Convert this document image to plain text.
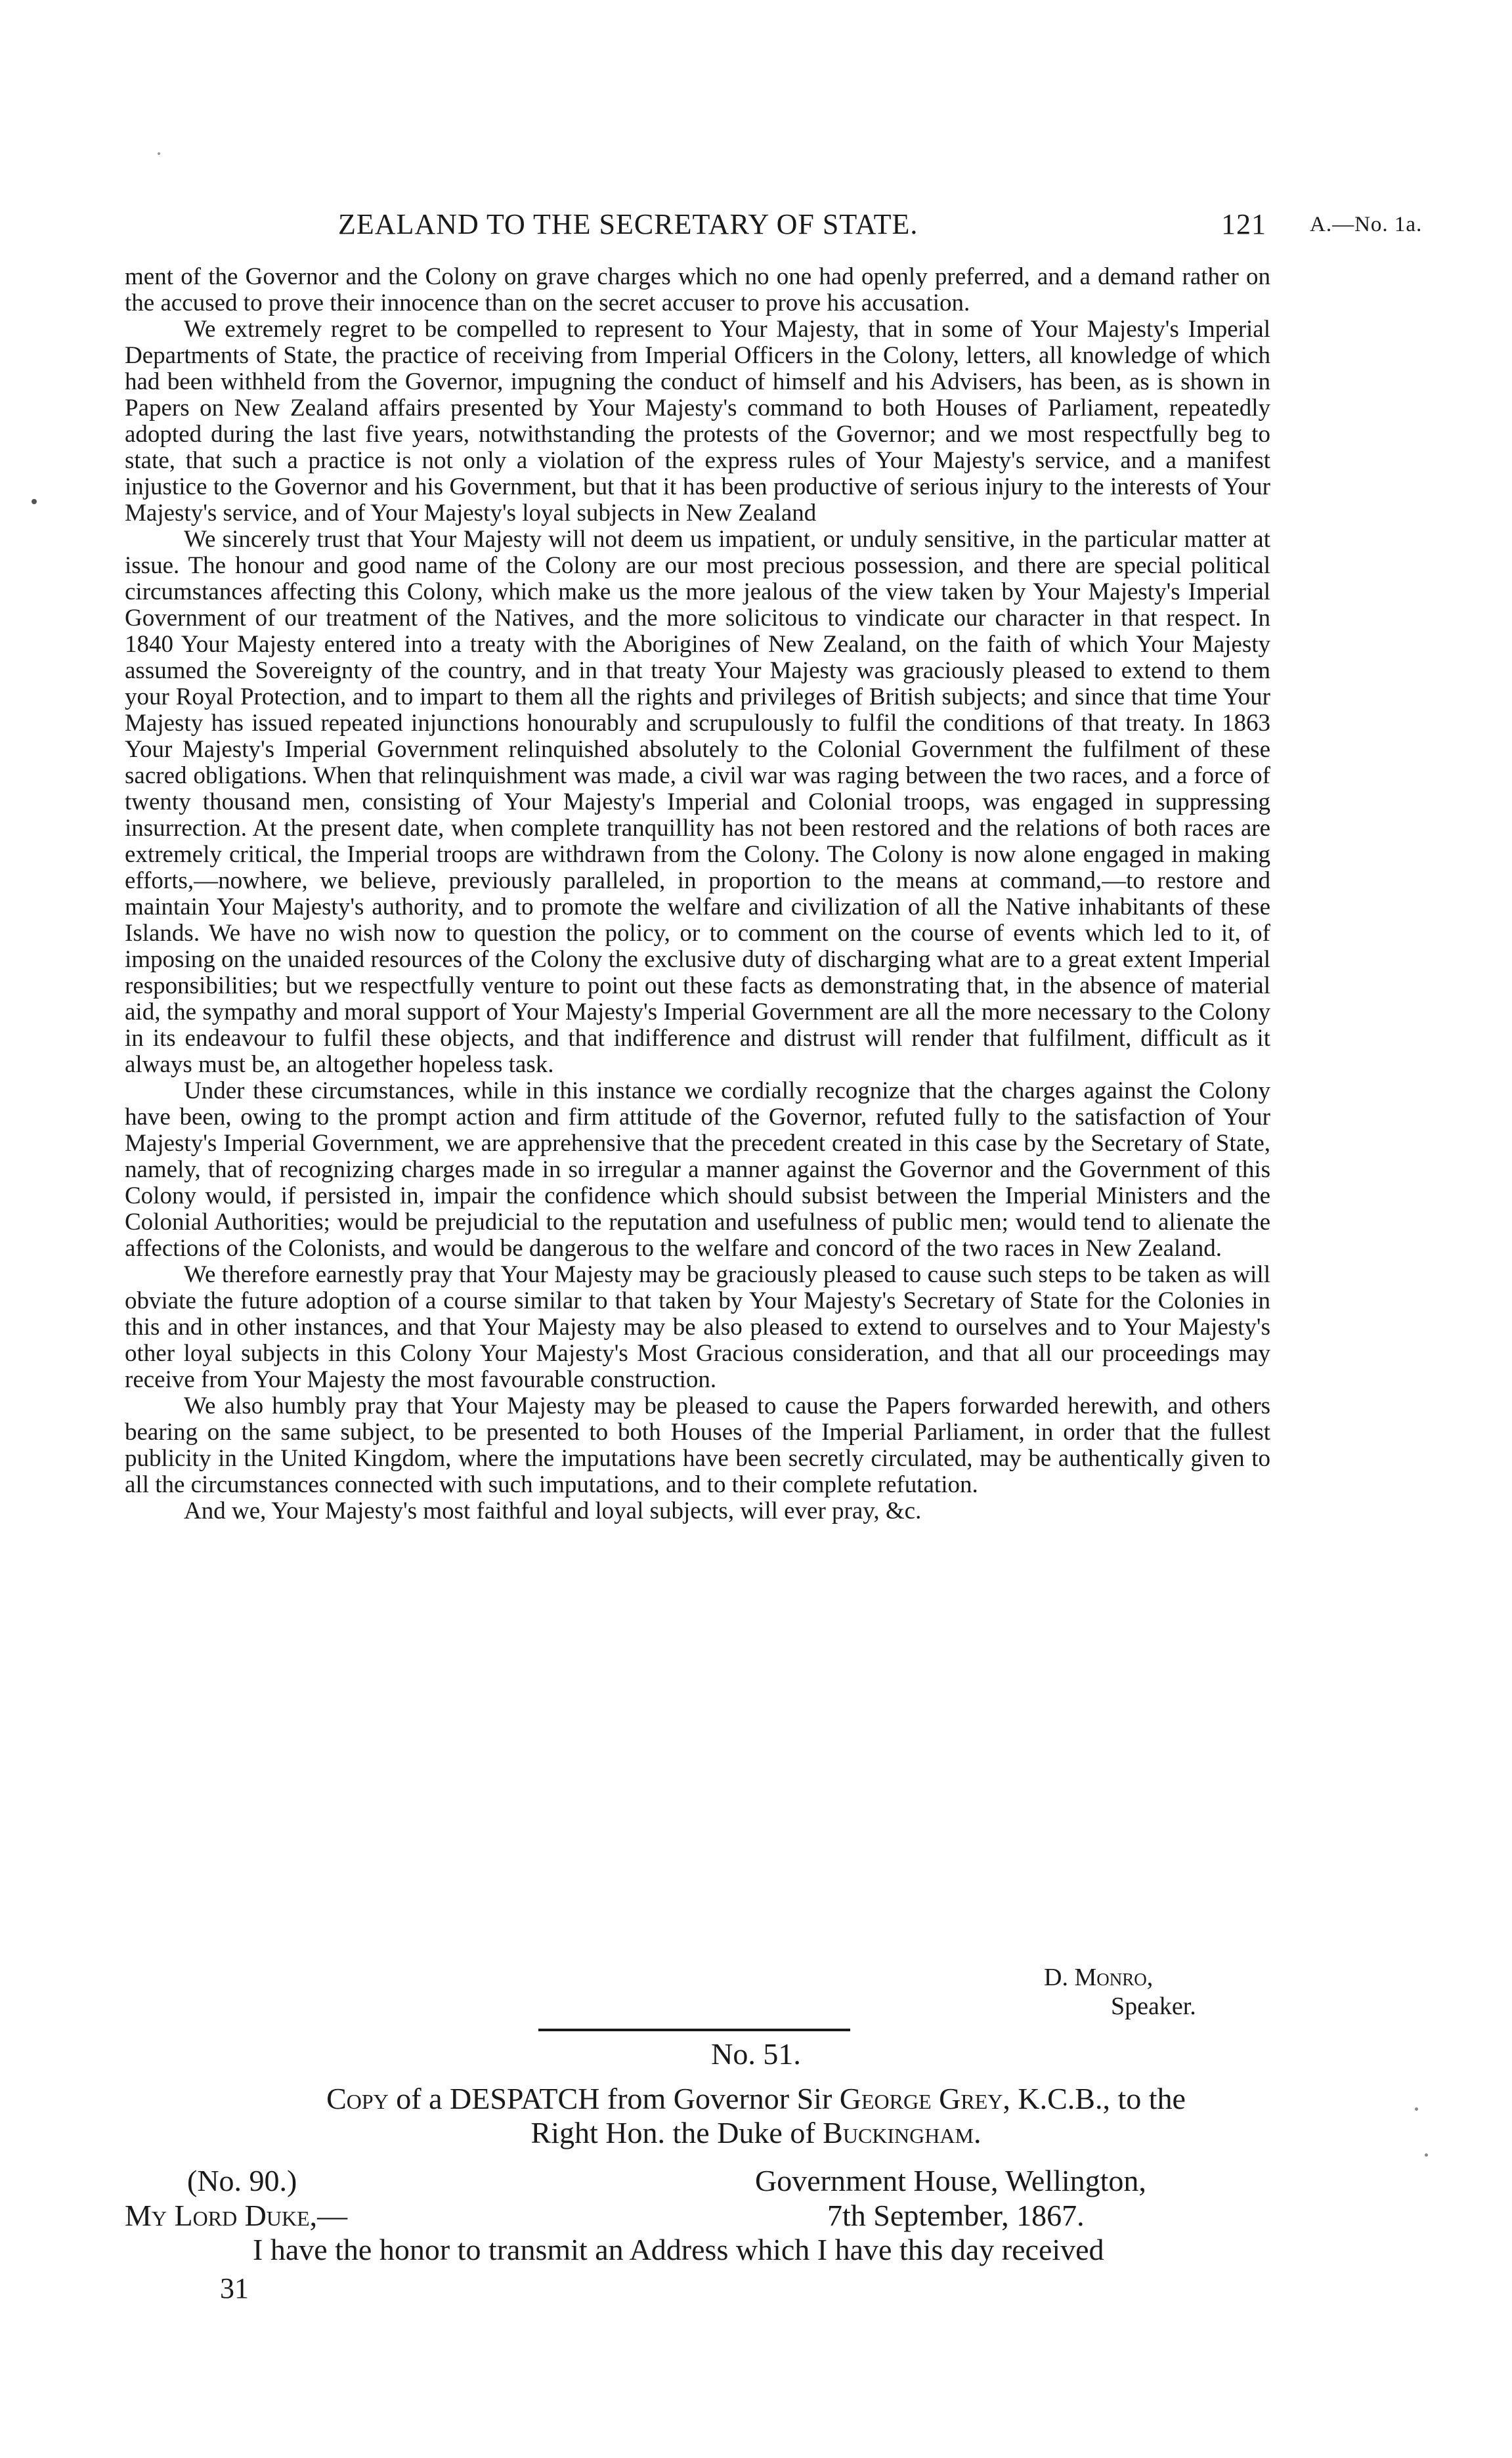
ZEALAND TO THE SECRETARY OF STATE.	121 A.—No. 1a.

ment of the Governor and the Colony on grave charges which no one had openly preferred, and a demand rather on the accused to prove their innocence than on the secret accuser to prove his accusation.

We extremely regret to be compelled to represent to Your Majesty, that in some of Your Majesty's Imperial Departments of State, the practice of receiving from Imperial Officers in the Colony, letters, all knowledge of which had been withheld from the Governor, impugning the conduct of himself and his Advisers, has been, as is shown in Papers on New Zealand affairs presented by Your Majesty's command to both Houses of Parliament, repeatedly adopted during the last five years, notwithstanding the protests of the Governor; and we most respectfully beg to state, that such a practice is not only a violation of the express rules of Your Majesty's service, and a manifest injustice to the Governor and his Government, but that it has been productive of serious injury to the interests of Your Majesty's service, and of Your Majesty's loyal subjects in New Zealand

We sincerely trust that Your Majesty will not deem us impatient, or unduly sensitive, in the particular matter at issue. The honour and good name of the Colony are our most precious possession, and there are special political circumstances affecting this Colony, which make us the more jealous of the view taken by Your Majesty's Imperial Government of our treatment of the Natives, and the more solicitous to vindicate our character in that respect. In 1840 Your Majesty entered into a treaty with the Aborigines of New Zealand, on the faith of which Your Majesty assumed the Sovereignty of the country, and in that treaty Your Majesty was graciously pleased to extend to them your Royal Protection, and to impart to them all the rights and privileges of British subjects; and since that time Your Majesty has issued repeated injunctions honourably and scrupulously to fulfil the conditions of that treaty. In 1863 Your Majesty's Imperial Government relinquished absolutely to the Colonial Government the fulfilment of these sacred obligations. When that relinquishment was made, a civil war was raging between the two races, and a force of twenty thousand men, consisting of Your Majesty's Imperial and Colonial troops, was engaged in suppressing insurrection. At the present date, when complete tranquillity has not been restored and the relations of both races are extremely critical, the Imperial troops are withdrawn from the Colony. The Colony is now alone engaged in making efforts,—nowhere, we believe, previously paralleled, in proportion to the means at command,—to restore and maintain Your Majesty's authority, and to promote the welfare and civilization of all the Native inhabitants of these Islands. We have no wish now to question the policy, or to comment on the course of events which led to it, of imposing on the unaided resources of the Colony the exclusive duty of discharging what are to a great extent Imperial responsibilities; but we respectfully venture to point out these facts as demonstrating that, in the absence of material aid, the sympathy and moral support of Your Majesty's Imperial Government are all the more necessary to the Colony in its endeavour to fulfil these objects, and that indifference and distrust will render that fulfilment, difficult as it always must be, an altogether hopeless task.

Under these circumstances, while in this instance we cordially recognize that the charges against the Colony have been, owing to the prompt action and firm attitude of the Governor, refuted fully to the satisfaction of Your Majesty's Imperial Government, we are apprehensive that the precedent created in this case by the Secretary of State, namely, that of recognizing charges made in so irregular a manner against the Governor and the Government of this Colony would, if persisted in, impair the confidence which should subsist between the Imperial Ministers and the Colonial Authorities; would be prejudicial to the reputation and usefulness of public men; would tend to alienate the affections of the Colonists, and would be dangerous to the welfare and concord of the two races in New Zealand.

We therefore earnestly pray that Your Majesty may be graciously pleased to cause such steps to be taken as will obviate the future adoption of a course similar to that taken by Your Majesty's Secretary of State for the Colonies in this and in other instances, and that Your Majesty may be also pleased to extend to ourselves and to Your Majesty's other loyal subjects in this Colony Your Majesty's Most Gracious consideration, and that all our proceedings may receive from Your Majesty the most favourable construction.

We also humbly pray that Your Majesty may be pleased to cause the Papers forwarded herewith, and others bearing on the same subject, to be presented to both Houses of the Imperial Parliament, in order that the fullest publicity in the United Kingdom, where the imputations have been secretly circulated, may be authentically given to all the circumstances connected with such imputations, and to their complete refutation.

And we, Your Majesty's most faithful and loyal subjects, will ever pray, &c.

D. Monro,
Speaker.
No. 51.
Copy of a DESPATCH from Governor Sir George Grey, K.C.B., to the
Right Hon. the Duke of Buckingham.
(No. 90.)	Government House, Wellington,
My Lord Duke,—	7th September, 1867.
I have the honor to transmit an Address which I have this day received
31
